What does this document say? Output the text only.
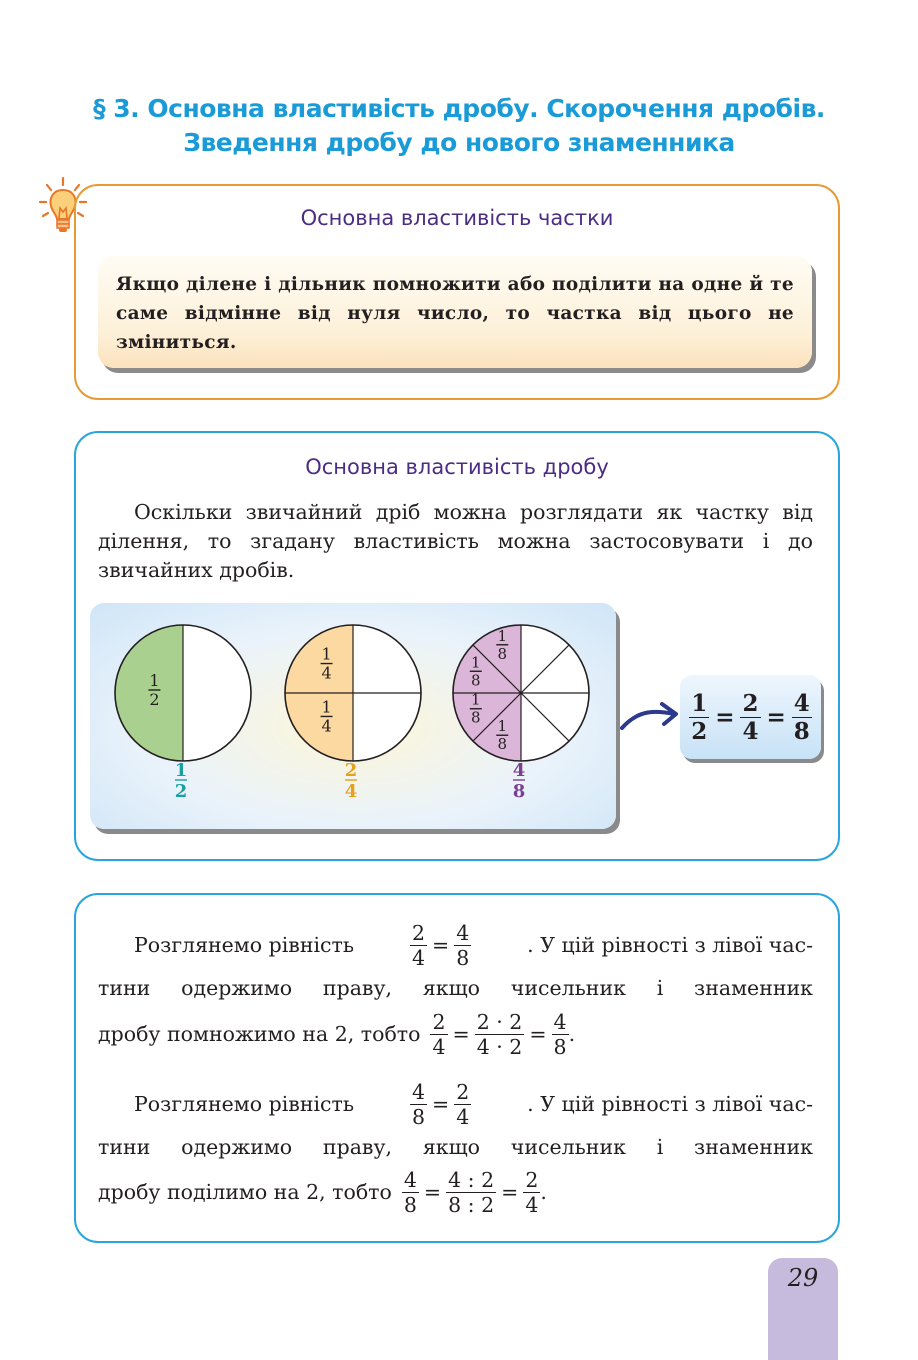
§ 3. Основна властивість дробу. Скорочення дробів.
Зведення дробу до нового знаменника
Основна властивість частки
Якщо ділене і дільник помножити або поділити на одне й те саме відмінне від нуля число, то частка від цього не зміниться.
Основна властивість дробу
Оскільки звичайний дріб можна розглядати як частку від ділення, то згадану властивість можна застосовувати і до звичайних дробів.
1
2
1
2
1
4
1
4
2
4
1
8
1
8
1
8
1
8
4
8
$\frac{1}{2} = \frac{2}{4} = \frac{4}{8}$
Розглянемо рівність	$\frac{2}{4} = \frac{4}{8}$	. У цій рівності з лівої час-
тини одержимо праву, якщо чисельник і знаменник
дробу помножимо на 2, тобто $\frac{2}{4} = \frac{2 \cdot 2}{4 \cdot 2} = \frac{4}{8}$ .
Розглянемо рівність	$\frac{4}{8} = \frac{2}{4}$	. У цій рівності з лівої час-
тини одержимо праву, якщо чисельник і знаменник
дробу поділимо на 2, тобто $\frac{4}{8} = \frac{4 : 2}{8 : 2} = \frac{2}{4}$ .
29
